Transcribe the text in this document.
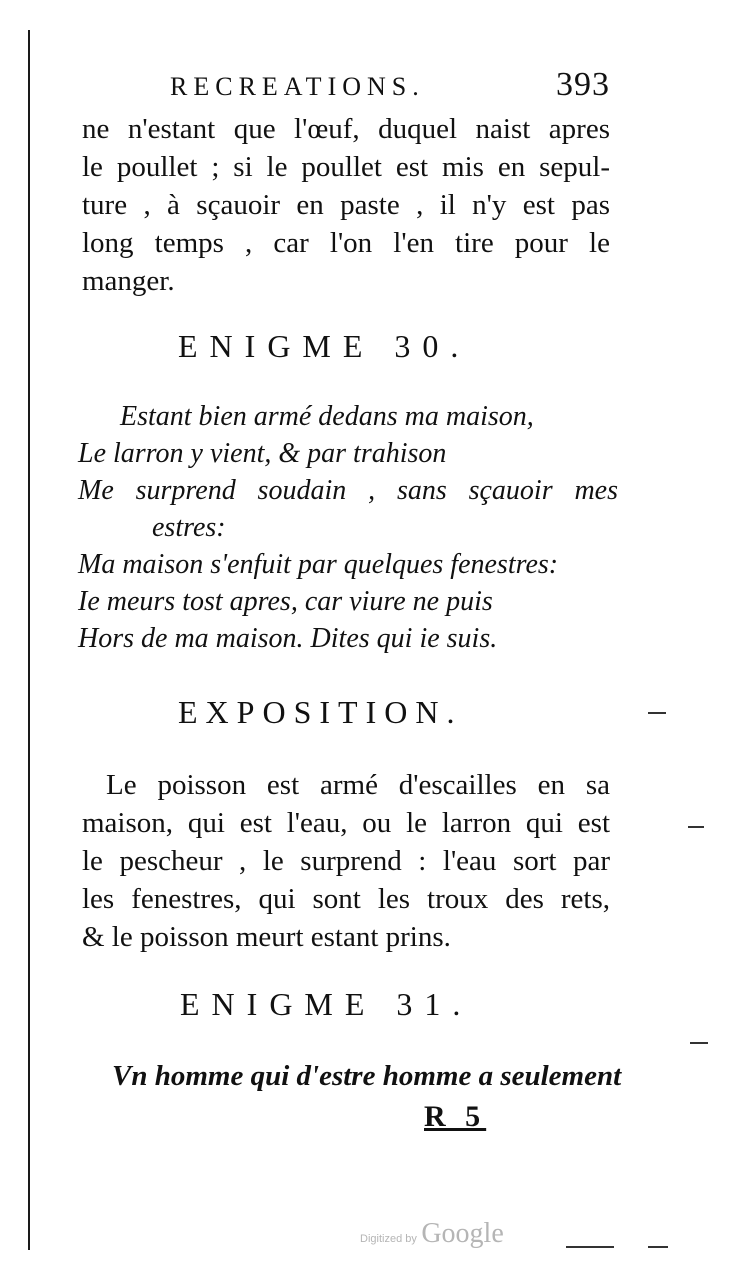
RECREATIONS.	393
ne n'estant que l'œuf, duquel naist apres
le poullet ; si le poullet est mis en sepul-
ture , à sçauoir en paste , il n'y est pas
long temps , car l'on l'en tire pour le
manger.
ENIGME 30.
Estant bien armé dedans ma maison,
Le larron y vient, & par trahison
Me surprend soudain , sans sçauoir mes
estres:
Ma maison s'enfuit par quelques fenestres:
Ie meurs tost apres, car viure ne puis
Hors de ma maison. Dites qui ie suis.
EXPOSITION.
Le poisson est armé d'escailles en sa
maison, qui est l'eau, ou le larron qui est
le pescheur , le surprend : l'eau sort par
les fenestres, qui sont les troux des rets,
& le poisson meurt estant prins.
ENIGME 31.
Vn homme qui d'estre homme a seulement
R 5
Digitized by Google
